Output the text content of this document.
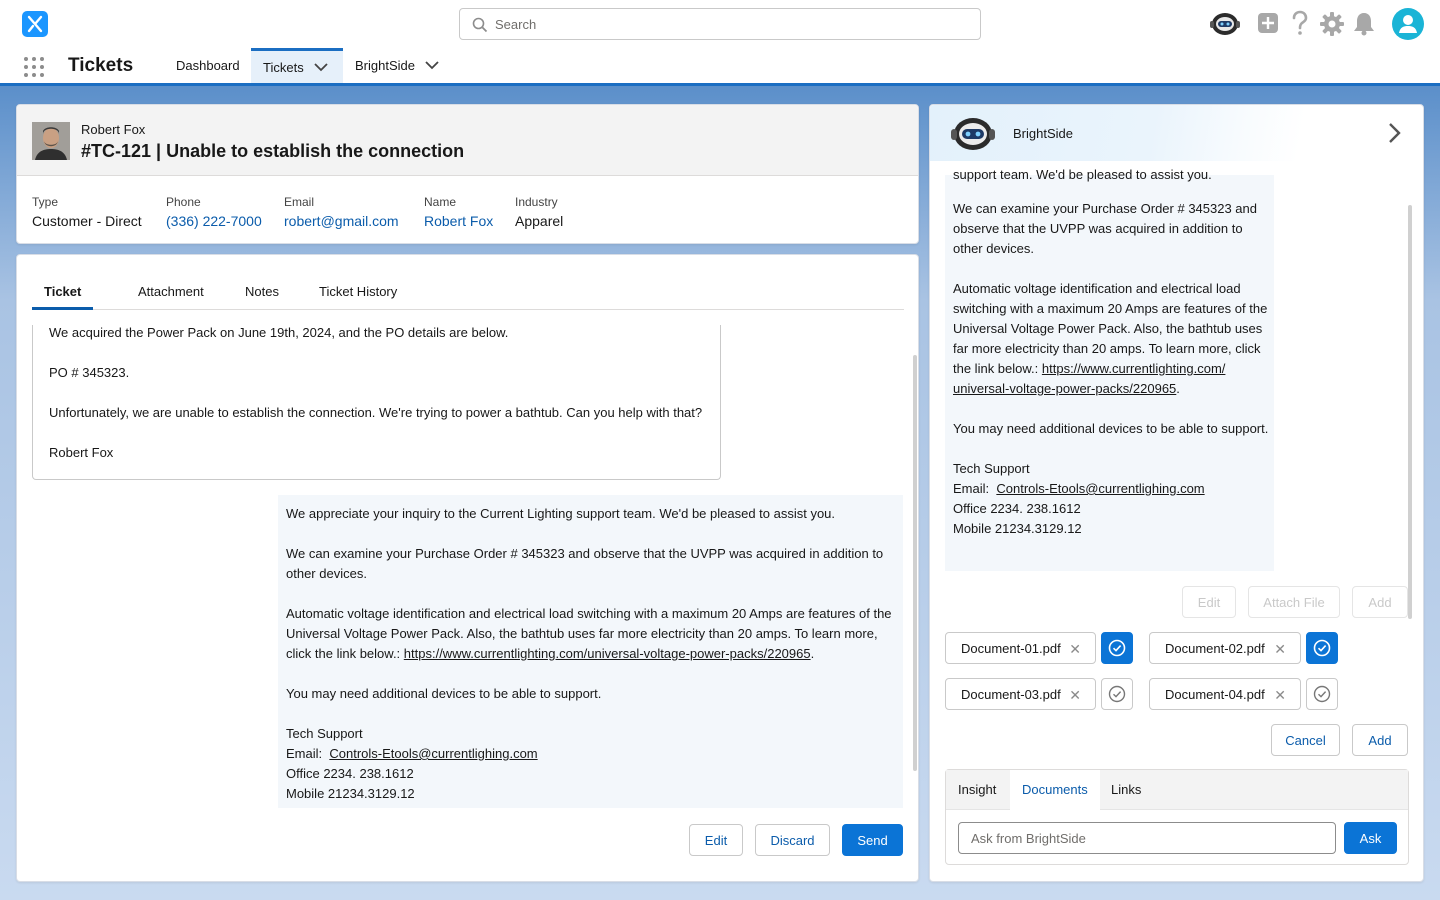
Search
Tickets	Dashboard Tickets	BrightSide
Robert Fox
#TC-121 | Unable to establish the connection
Type
Customer - Direct
Phone
(336) 222-7000
Email
robert@gmail.com
Name
Robert Fox
Industry
Apparel
Ticket	Attachment	Notes	Ticket History

We acquired the Power Pack on June 19th, 2024, and the PO details are below.

PO # 345323.

Unfortunately, we are unable to establish the connection. We're trying to power a bathtub. Can you help with that?

Robert Fox

We appreciate your inquiry to the Current Lighting support team. We'd be pleased to assist you.

We can examine your Purchase Order # 345323 and observe that the UVPP was acquired in addition to other devices.

Automatic voltage identification and electrical load switching with a maximum 20 Amps are features of the Universal Voltage Power Pack. Also, the bathtub uses far more electricity than 20 amps. To learn more, click the link below.: https://www.currentlighting.com/universal-voltage-power-packs/220965.

You may need additional devices to be able to support.

Tech Support
Email: Controls-Etools@currentlighing.com
Office 2234. 238.1612
Mobile 21234.3129.12
Edit	Discard	Send
BrightSide

support team. We'd be pleased to assist you.

We can examine your Purchase Order # 345323 and observe that the UVPP was acquired in addition to other devices.

Automatic voltage identification and electrical load switching with a maximum 20 Amps are features of the Universal Voltage Power Pack. Also, the bathtub uses far more electricity than 20 amps. To learn more, click the link below.: https://www.currentlighting.com/ universal-voltage-power-packs/220965.

You may need additional devices to be able to support.

Tech Support
Email: Controls-Etools@currentlighing.com
Office 2234. 238.1612
Mobile 21234.3129.12
Edit	Attach File	Add
Document-01.pdf ✕	Document-02.pdf ✕
Document-03.pdf ✕	Document-04.pdf ✕
Cancel	Add
Insight	Documents	Links
Ask from BrightSide
Ask
